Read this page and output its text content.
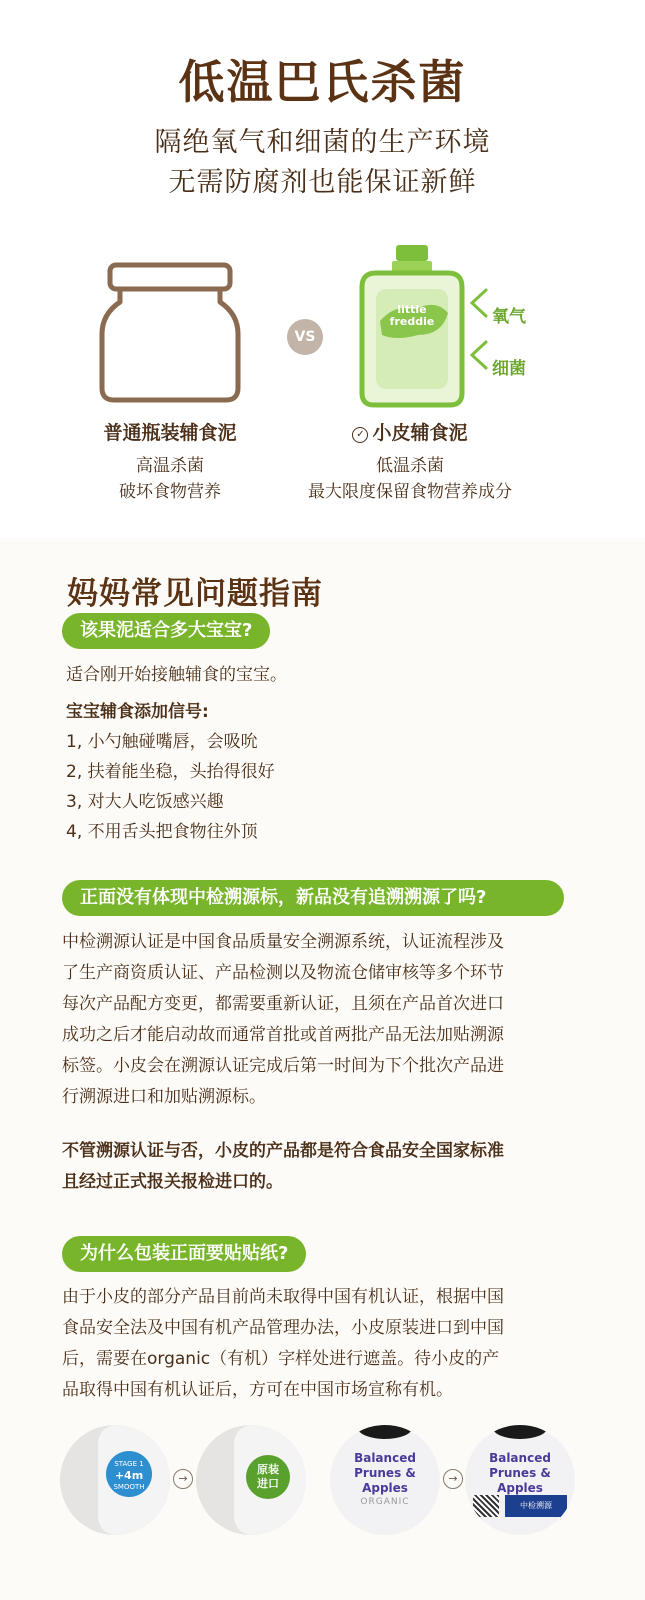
低温巴氏杀菌
隔绝氧气和细菌的生产环境
无需防腐剂也能保证新鲜
VS
little
freddie	氧气
细菌
普通瓶装辅食泥
高温杀菌
破坏食物营养
✓ 小皮辅食泥
低温杀菌
最大限度保留食物营养成分
妈妈常见问题指南
该果泥适合多大宝宝?
适合刚开始接触辅食的宝宝。
宝宝辅食添加信号:
1, 小勺触碰嘴唇，会吸吮
2, 扶着能坐稳，头抬得很好
3, 对大人吃饭感兴趣
4, 不用舌头把食物往外顶
正面没有体现中检溯源标，新品没有追溯溯源了吗?
中检溯源认证是中国食品质量安全溯源系统，认证流程涉及
了生产商资质认证、产品检测以及物流仓储审核等多个环节
每次产品配方变更，都需要重新认证，且须在产品首次进口
成功之后才能启动故而通常首批或首两批产品无法加贴溯源
标签。小皮会在溯源认证完成后第一时间为下个批次产品进
行溯源进口和加贴溯源标。
不管溯源认证与否，小皮的产品都是符合食品安全国家标准
且经过正式报关报检进口的。
为什么包装正面要贴贴纸?
由于小皮的部分产品目前尚未取得中国有机认证，根据中国
食品安全法及中国有机产品管理办法，小皮原装进口到中国
后，需要在organic（有机）字样处进行遮盖。待小皮的产
品取得中国有机认证后，方可在中国市场宣称有机。
STAGE 1
+4m
SMOOTH
→
原装
进口
Balanced
Prunes & Apples
ORGANIC
→
Balanced
Prunes & Apples
中检溯源
